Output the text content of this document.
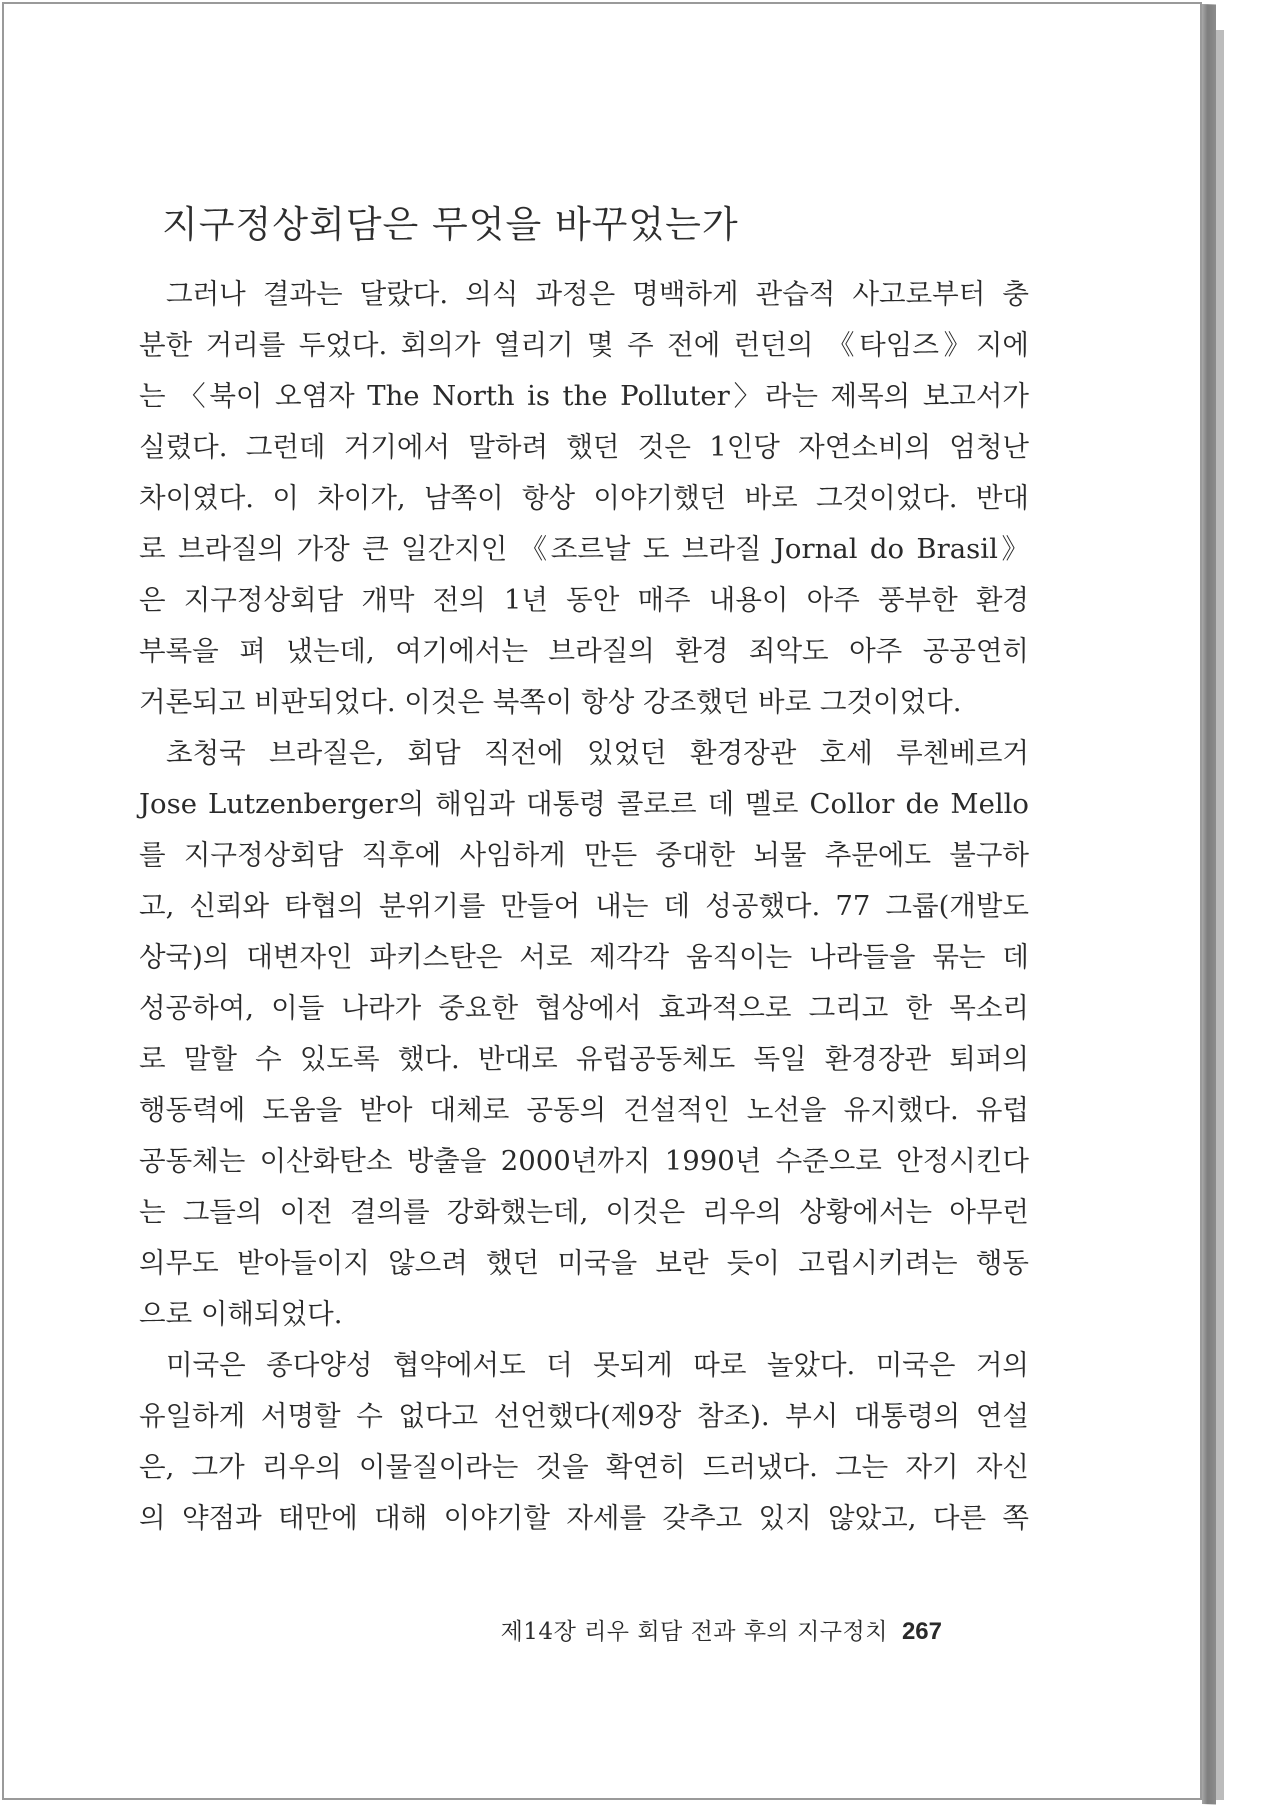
지구정상회담은 무엇을 바꾸었는가
그러나 결과는 달랐다. 의식 과정은 명백하게 관습적 사고로부터 충
분한 거리를 두었다. 회의가 열리기 몇 주 전에 런던의 《타임즈》지에
는 〈북이 오염자 The North is the Polluter〉라는 제목의 보고서가
실렸다. 그런데 거기에서 말하려 했던 것은 1인당 자연소비의 엄청난
차이였다. 이 차이가, 남쪽이 항상 이야기했던 바로 그것이었다. 반대
로 브라질의 가장 큰 일간지인 《조르날 도 브라질 Jornal do Brasil》
은 지구정상회담 개막 전의 1년 동안 매주 내용이 아주 풍부한 환경
부록을 펴 냈는데, 여기에서는 브라질의 환경 죄악도 아주 공공연히
거론되고 비판되었다. 이것은 북쪽이 항상 강조했던 바로 그것이었다.
초청국 브라질은, 회담 직전에 있었던 환경장관 호세 루첸베르거
Jose Lutzenberger의 해임과 대통령 콜로르 데 멜로 Collor de Mello
를 지구정상회담 직후에 사임하게 만든 중대한 뇌물 추문에도 불구하
고, 신뢰와 타협의 분위기를 만들어 내는 데 성공했다. 77 그룹(개발도
상국)의 대변자인 파키스탄은 서로 제각각 움직이는 나라들을 묶는 데
성공하여, 이들 나라가 중요한 협상에서 효과적으로 그리고 한 목소리
로 말할 수 있도록 했다. 반대로 유럽공동체도 독일 환경장관 퇴퍼의
행동력에 도움을 받아 대체로 공동의 건설적인 노선을 유지했다. 유럽
공동체는 이산화탄소 방출을 2000년까지 1990년 수준으로 안정시킨다
는 그들의 이전 결의를 강화했는데, 이것은 리우의 상황에서는 아무런
의무도 받아들이지 않으려 했던 미국을 보란 듯이 고립시키려는 행동
으로 이해되었다.
미국은 종다양성 협약에서도 더 못되게 따로 놀았다. 미국은 거의
유일하게 서명할 수 없다고 선언했다(제9장 참조). 부시 대통령의 연설
은, 그가 리우의 이물질이라는 것을 확연히 드러냈다. 그는 자기 자신
의 약점과 태만에 대해 이야기할 자세를 갖추고 있지 않았고, 다른 쪽
제14장 리우 회담 전과 후의 지구정치 267
